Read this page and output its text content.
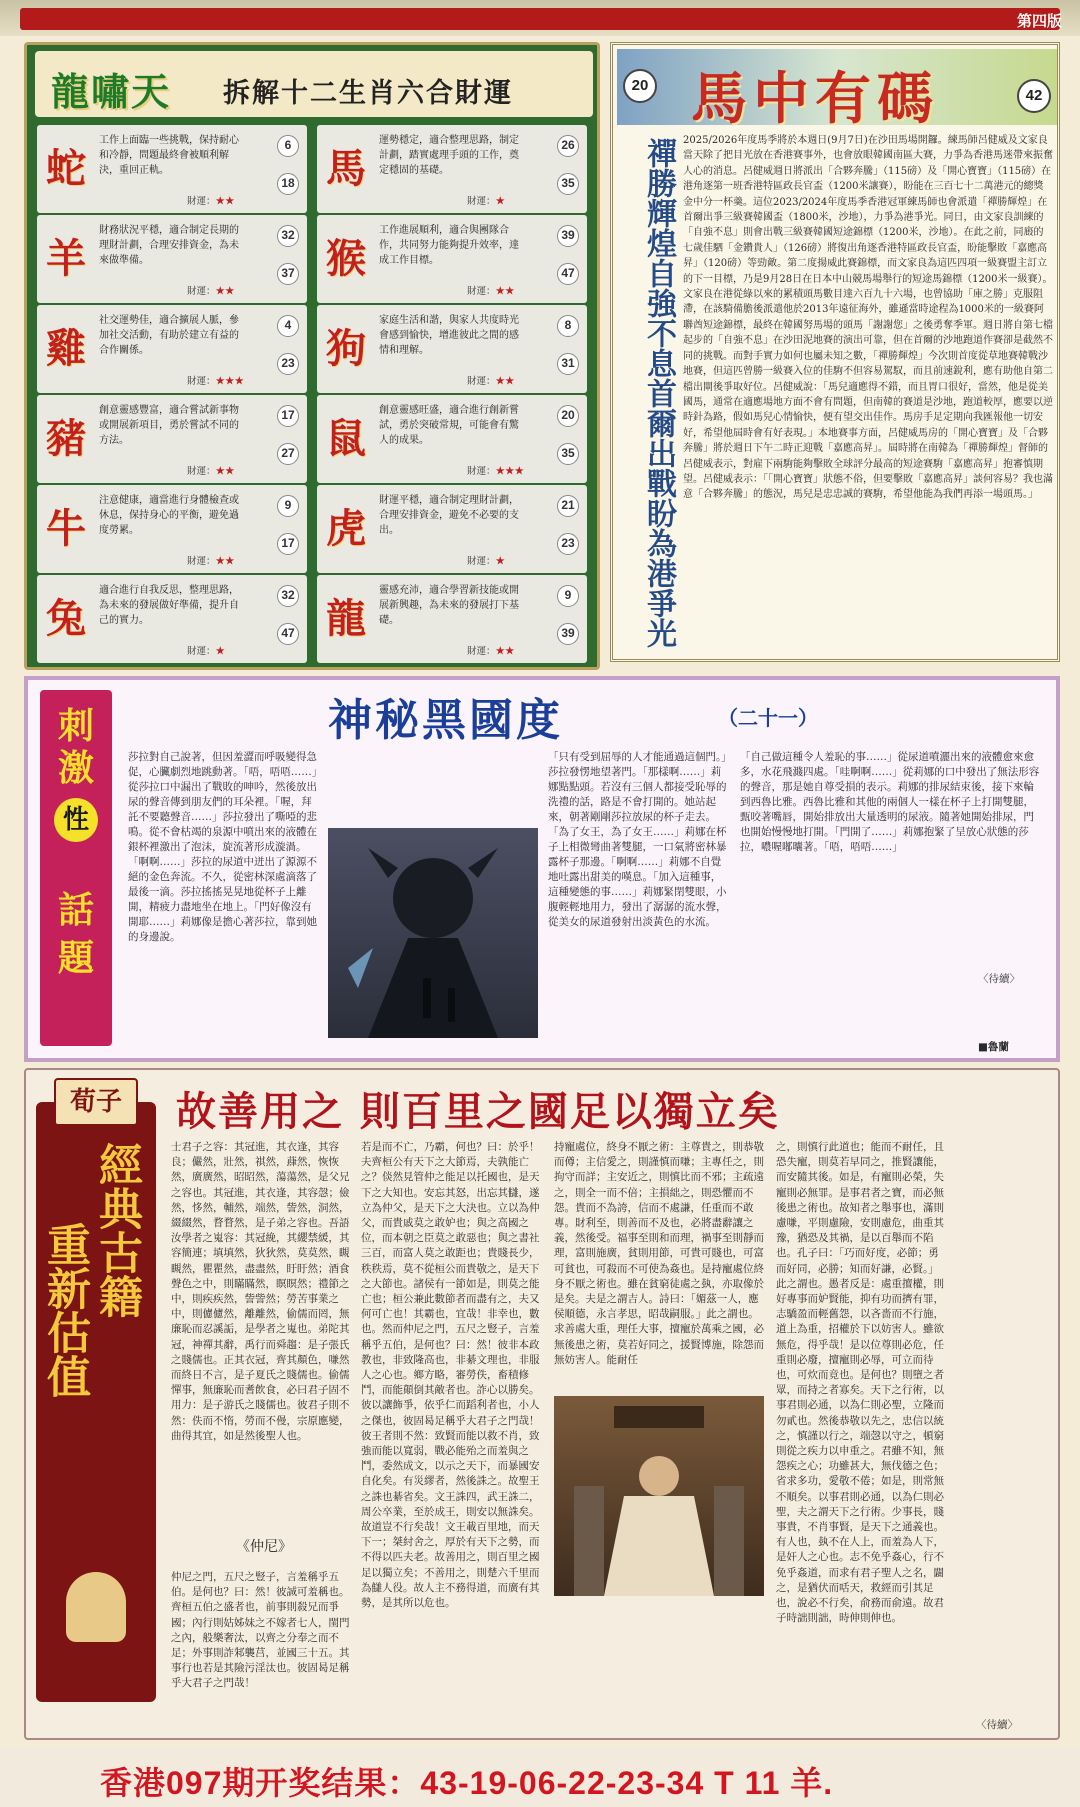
第四版
龍嘯天 拆解十二生肖六合財運
蛇
工作上面臨一些挑戰，保持耐心和冷靜，問題最終會被順利解決，重回正軌。
6
18
財運：★★
羊
財務狀況平穩，適合制定長期的理財計劃，合理安排資金，為未來做準備。
32
37
財運：★★
雞
社交運勢佳，適合擴展人脈，參加社交活動，有助於建立有益的合作關係。
4
23
財運：★★★
豬
創意靈感豐富，適合嘗試新事物或開展新項目，勇於嘗試不同的方法。
17
27
財運：★★
牛
注意健康，適當進行身體檢查或休息，保持身心的平衡，避免過度勞累。
9
17
財運：★★
兔
適合進行自我反思，整理思路，為未來的發展做好準備，提升自己的實力。
32
47
財運：★
馬
運勢穩定，適合整理思路，制定計劃，踏實處理手頭的工作，奠定穩固的基礎。
26
35
財運：★
猴
工作進展順利，適合與團隊合作，共同努力能夠提升效率，達成工作目標。
39
47
財運：★★
狗
家庭生活和諧，與家人共度時光會感到愉快，增進彼此之間的感情和理解。
8
31
財運：★★
鼠
創意靈感旺盛，適合進行創新嘗試，勇於突破常規，可能會有驚人的成果。
20
35
財運：★★★
虎
財運平穩，適合制定理財計劃，合理安排資金，避免不必要的支出。
21
23
財運：★
龍
靈感充沛，適合學習新技能或開展新興趣，為未來的發展打下基礎。
9
39
財運：★★
20 馬中有碼	42
禪勝輝煌自強不息首爾出戰盼為港爭光 2025/2026年度馬季將於本週日(9月7日)在沙田馬場開鑼。練馬師呂健威及文家良當天除了把目光放在香港賽事外，也會放眼韓國南區大賽，力爭為香港馬迷帶來振奮人心的消息。呂健威週日將派出「合夥奔騰」（115磅）及「開心寶寶」（115磅）在港角逐第一班香港特區政長官盃（1200米讓賽），盼能在三百七十二萬港元的總獎金中分一杯羹。這位2023/2024年度馬季香港冠軍練馬師也會派遣「禪勝輝煌」在首爾出爭三級賽韓國盃（1800米，沙地），力爭為港爭光。同日，由文家良訓練的「自強不息」則會出戰三級賽韓國短途錦標（1200米，沙地）。在此之前，同廄的七歲佳駟「金鑽貴人」（126磅）將復出角逐香港特區政長官盃，盼能擊敗「嘉應高昇」（120磅）等勁敵。第二度揚威此賽錦標，而文家良為這匹四項一級賽盟主訂立的下一目標，乃是9月28日在日本中山競馬場舉行的短途馬錦標（1200米一級賽）。文家良在港從綠以來的累積頭馬數目達六百九十六場，也曾協助「庫之勝」克服阻滯，在該騎備膽後派遣他於2013年遠征海外，雖遜當時途程為1000米的一級賽阿聯酋短途錦標，最終在韓國努馬場的頭馬「謝謝您」之後勇奪季軍。週日將自第七檔起步的「自強不息」在沙田泥地賽的演出可靠，但在首爾的沙地跑道作賽卻是截然不同的挑戰。而對手實力如何也屬未知之數，「禪勝輝煌」今次則首度從草地賽韓戰沙地賽，但這匹曾勝一級賽入位的佳駒不但容易駕馭，而且前速銳利，應有助他自第二檔出閘後爭取好位。呂健威說：「馬兒適應得不錯，而且胃口很好，當然，他是從美國馬，通常在適應場地方面不會有問題，但南韓的賽道是沙地，跑道較厚，應要以逆時針為路，假如馬兒心情愉快，便有望交出佳作。馬房手足定期向我匯報他一切安好，希望他屆時會有好表現。」本地賽事方面，呂健威馬房的「開心寶寶」及「合夥奔騰」將於週日下午二時正迎戰「嘉應高昇」。屆時將在南韓為「禪勝輝煌」督師的呂健威表示，對雇下兩駒能夠擊敗全球評分最高的短途賽駒「嘉應高昇」抱審慎期望。呂健威表示：「「開心寶寶」狀態不俗，但要擊敗「嘉應高昇」談何容易？我也滿意「合夥奔騰」的態況，馬兒是忠忠誠的賽駒，希望他能為我們再添一場頭馬。」
刺
激
性
話
題
神秘黑國度	（二十一）
莎拉對自己說著，但因羞澀而呼吸變得急促，心臟劇烈地跳動著。「唔，唔唔……」從莎拉口中漏出了戰敗的呻吟，然後放出尿的聲音傳到朋友們的耳朵裡。「喔，拜託不要聽聲音……」莎拉發出了嘶啞的悲鳴。從不會枯竭的泉源中噴出來的液體在銀杯裡激出了泡沫，旋流著形成漩渦。「啊啊……」莎拉的尿道中迸出了源源不絕的金色奔流。不久，從密林深處滴落了最後一滴。莎拉搖搖晃晃地從杯子上離開，精疲力盡地坐在地上。「門好像沒有開耶……」莉娜像是擔心著莎拉，靠到她的身邊說。
「只有受到屈辱的人才能通過這個門。」莎拉發愣地望著門。「那樣啊……」莉娜點點頭。若沒有三個人都接受恥辱的洗禮的話，路是不會打開的。她站起來，朝著剛剛莎拉放尿的杯子走去。「為了女王，為了女王……」莉娜在杯子上相微彎曲著雙腿，一口氣將密林暴露杯子那邊。「啊啊……」莉娜不自覺地吐露出甜美的嘆息。「加入這種事，這種變態的事……」莉娜緊閉雙眼，小腹輕輕地用力，發出了潺潺的流水聲，從美女的尿道發射出淡黃色的水流。
「自己做這種令人羞恥的事……」從尿道噴灑出來的液體愈來愈多，水花飛濺四處。「哇啊啊……」從莉娜的口中發出了無法形容的聲音，那是她自尊受損的表示。莉娜的排尿結束後，接下來輪到西魯比雅。西魯比雅和其他的兩個人一樣在杯子上打開雙腿，甄咬著嘴唇，開始排放出大量透明的尿液。隨著她開始排尿，門也開始慢慢地打開。「門開了……」莉娜抱緊了呈放心狀態的莎拉，噥喔嘟囔著。「唔，唔唔……」
〈待續〉
■魯蘭
荀子
經典古籍
重新估值
故善用之 則百里之國足以獨立矣
士君子之容：其冠進，其衣逢，其容良；儼然，壯然，祺然，蕼然，恢恢然，廣廣然，昭昭然，蕩蕩然，是父兄之容也。其冠進，其衣逢，其容愨；儉然，恀然，輔然，端然，訾然，洞然，綴綴然，瞀瞀然，是子弟之容也。吾語汝學者之嵬容：其冠絻，其纓禁緩，其容簡連；填填然，狄狄然，莫莫然，瞡瞡然，瞿瞿然，盡盡然，盱盱然；酒食聲色之中，則瞞瞞然，瞑瞑然；禮節之中，則疾疾然，訾訾然；勞苦事業之中，則儢儢然，離離然，偷儒而罔，無廉恥而忍謑詬，是學者之嵬也。弟陀其冠，神禪其辭，禹行而舜趨：是子張氏之賤儒也。正其衣冠，齊其顏色，嗛然而終日不言，是子夏氏之賤儒也。偷儒憚事，無廉恥而耆飲食，必曰君子固不用力：是子游氏之賤儒也。彼君子則不然：佚而不惰，勞而不僈，宗原應變，曲得其宜，如是然後聖人也。
《仲尼》
仲尼之門，五尺之豎子，言羞稱乎五伯。是何也？曰：然！彼誠可羞稱也。齊桓五伯之盛者也，前事則殺兄而爭國；內行則姑姊妹之不嫁者七人，閨門之內，般樂奢汰，以齊之分奉之而不足；外事則詐邾襲莒，並國三十五。其事行也若是其險污淫汰也。彼固曷足稱乎大君子之門哉！
若是而不亡，乃霸，何也？曰：於乎！夫齊桓公有天下之大節焉，夫孰能亡之？倓然見管仲之能足以托國也，是天下之大知也。安忘其怒，出忘其讎，遂立為仲父，是天下之大決也。立以為仲父，而貴戚莫之敢妒也；與之高國之位，而本朝之臣莫之敢惡也；與之書社三百，而富人莫之敢距也；貴賤長少，秩秩焉，莫不從桓公而貴敬之，是天下之大節也。諸侯有一節如是，則莫之能亡也；桓公兼此數節者而盡有之，夫又何可亡也！其霸也，宜哉！非幸也，數也。然而仲尼之門，五尺之豎子，言羞稱乎五伯，是何也？曰：然！彼非本政教也，非致隆高也，非綦文理也，非服人之心也。鄉方略，審勞佚，畜積修鬥，而能顛倒其敵者也。詐心以勝矣。彼以讓飾爭，依乎仁而蹈利者也，小人之傑也，彼固曷足稱乎大君子之門哉！彼王者則不然：致賢而能以救不肖，致強而能以寬弱，戰必能殆之而羞與之鬥，委然成文，以示之天下，而暴國安自化矣。有災繆者，然後誅之。故聖王之誅也綦省矣。文王誅四，武王誅二，周公卒業，至於成王，則安以無誅矣。故道豈不行矣哉！文王載百里地，而天下一；桀紂舍之，厚於有天下之勢，而不得以匹夫老。故善用之，則百里之國足以獨立矣；不善用之，則楚六千里而為讎人役。故人主不務得道，而廣有其勢，是其所以危也。
持寵處位，終身不厭之術：主尊貴之，則恭敬而僔；主信愛之，則謹慎而嗛；主專任之，則拘守而詳；主安近之，則慎比而不邪；主疏遠之，則全一而不倍；主損絀之，則恐懼而不怨。貴而不為誇，信而不處謙，任重而不敢專。財利至，則善而不及也，必將盡辭讓之義，然後受。福事至則和而理，禍事至則靜而理，富則施廣，貧則用節，可貴可賤也，可富可貧也，可殺而不可使為姦也。是持寵處位終身不厭之術也。雖在貧窮徒處之埶，亦取像於是矣。夫是之謂吉人。詩曰：「媚茲一人，應侯順德，永言孝思，昭哉嗣服。」此之謂也。求善處大重，理任大事，擅寵於萬乘之國，必無後患之術，莫若好同之，援賢博施，除怨而無妨害人。能耐任
之，則慎行此道也；能而不耐任，且恐失寵，則莫若早同之，推賢讓能，而安隨其後。如是，有寵則必榮，失寵則必無罪。是事君者之寶，而必無後患之術也。故知者之舉事也，滿則慮嗛，平則慮險，安則慮危，曲重其豫，猶恐及其禍，是以百舉而不陷也。孔子曰：「巧而好度，必節；勇而好同，必勝；知而好謙，必賢。」此之謂也。愚者反是：處重擅權，則好專事而妒賢能，抑有功而擠有罪，志驕盈而輕舊怨，以吝嗇而不行施，道上為重，招權於下以妨害人。雖欲無危，得乎哉！是以位尊則必危，任重則必廢，擅寵則必辱，可立而待也，可炊而竟也。是何也？則墮之者眾，而持之者寡矣。天下之行術，以事君則必通，以為仁則必聖，立隆而勿貳也。然後恭敬以先之，忠信以統之，慎謹以行之，端愨以守之，頓窮則從之疾力以申重之。君雖不知，無怨疾之心；功雖甚大，無伐德之色；省求多功，愛敬不倦；如是，則常無不順矣。以事君則必通，以為仁則必聖，夫之謂天下之行術。少事長，賤事貴，不肖事賢，是天下之通義也。有人也，埶不在人上，而羞為人下，是奸人之心也。志不免乎姦心，行不免乎姦道，而求有君子聖人之名，闢之，是猶伏而咶天，救經而引其足也，說必不行矣，俞務而俞遠。故君子時詘則詘，時伸則伸也。
〈待續〉
香港097期开奖结果：43-19-06-22-23-34 T 11 羊.
